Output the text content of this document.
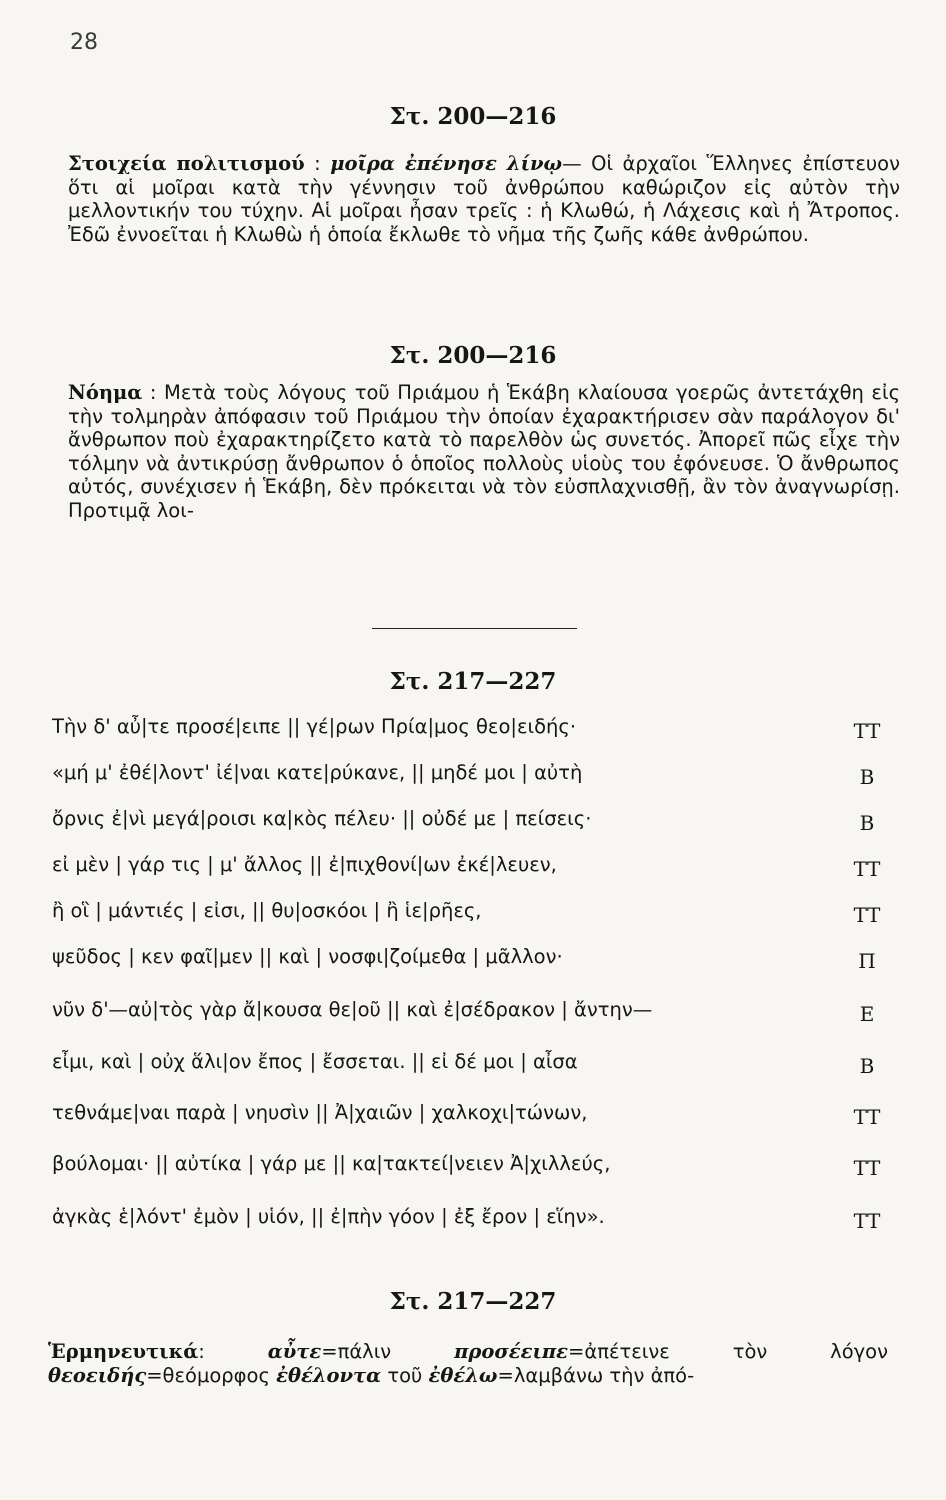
28
Στ. 200—216
Στοιχεία πολιτισμού : μοῖρα ἐπένησε λίνῳ— Οἱ ἀρχαῖοι Ἕλληνες ἐπίστευον ὅτι αἱ μοῖραι κατὰ τὴν γέννησιν τοῦ ἀνθρώπου καθώριζον εἰς αὐτὸν τὴν μελλοντικήν του τύχην. Αἱ μοῖραι ἦσαν τρεῖς : ἡ Κλωθώ, ἡ Λάχεσις καὶ ἡ Ἄτροπος. Ἐδῶ ἐννοεῖται ἡ Κλωθὼ ἡ ὁποία ἔκλωθε τὸ νῆμα τῆς ζωῆς κάθε ἀνθρώπου.
Στ. 200—216
Νόημα : Μετὰ τοὺς λόγους τοῦ Πριάμου ἡ Ἑκάβη κλαίουσα γοερῶς ἀντετάχθη εἰς τὴν τολμηρὰν ἀπόφασιν τοῦ Πριάμου τὴν ὁποίαν ἐχαρακτήρισεν σὰν παράλογον δι' ἄνθρωπον ποὺ ἐχαρακτηρίζετο κατὰ τὸ παρελθὸν ὡς συνετός. Ἀπορεῖ πῶς εἶχε τὴν τόλμην νὰ ἀντικρύσῃ ἄνθρωπον ὁ ὁποῖος πολλοὺς υἱοὺς του ἐφόνευσε. Ὁ ἄνθρωπος αὐτός, συνέχισεν ἡ Ἑκάβη, δὲν πρόκειται νὰ τὸν εὐσπλαχνισθῇ, ἂν τὸν ἀναγνωρίσῃ. Προτιμᾷ λοι-
Στ. 217—227
Τὴν δ' αὖ|τε προσέ|ειπε || γέ|ρων Πρία|μος θεο|ειδής·	ΤΤ
«μή μ' ἐθέ|λοντ' ἰέ|ναι κατε|ρύκανε, || μηδέ μοι | αὐτὴ	Β
ὄρνις ἐ|νὶ μεγά|ροισι κα|κὸς πέλευ· || οὐδέ με | πείσεις·	Β
εἰ μὲν | γάρ τις | μ' ἄλλος || ἐ|πιχθονί|ων ἐκέ|λευεν,	ΤΤ
ἢ οἳ | μάντιές | εἰσι, || θυ|οσκόοι | ἢ ἱε|ρῆες,	ΤΤ
ψεῦδος | κεν φαῖ|μεν || καὶ | νοσφι|ζοίμεθα | μᾶλλον·	Π
νῦν δ'—αὐ|τὸς γὰρ ἄ|κουσα θε|οῦ || καὶ ἐ|σέδρακον | ἄντην—	Ε
εἶμι, καὶ | οὐχ ἅλι|ον ἔπος | ἔσσεται. || εἰ δέ μοι | αἶσα	Β
τεθνάμε|ναι παρὰ | νηυσὶν || Ἀ|χαιῶν | χαλκοχι|τώνων,	ΤΤ
βούλομαι· || αὐτίκα | γάρ με || κα|τακτεί|νειεν Ἀ|χιλλεύς,	ΤΤ
ἀγκὰς ἑ|λόντ' ἐμὸν | υἱόν, || ἐ|πὴν γόον | ἐξ ἔρον | εἵην».	ΤΤ
Στ. 217—227
Ἑρμηνευτικά: αὖτε=πάλιν προσέειπε=ἀπέτεινε τὸν λόγον θεοειδής=θεόμορφος ἐθέλοντα τοῦ ἐθέλω=λαμβάνω τὴν ἀπό-
